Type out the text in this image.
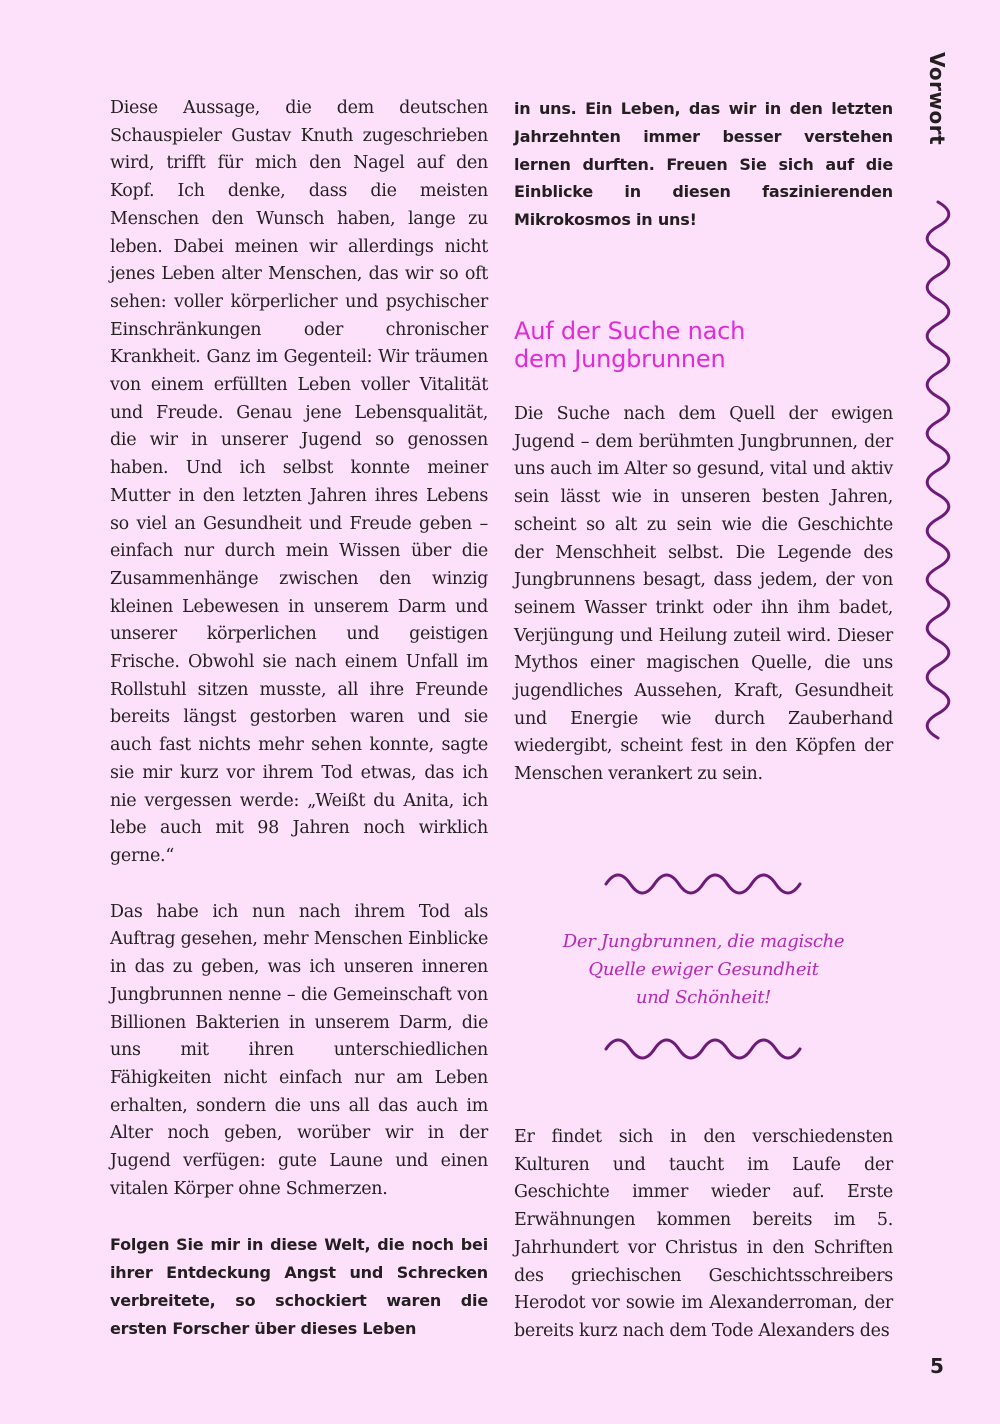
Vorwort

Diese Aussage, die dem deutschen Schauspieler Gustav Knuth zugeschrieben wird, trifft für mich den Nagel auf den Kopf. Ich denke, dass die meisten Menschen den Wunsch haben, lange zu leben. Dabei meinen wir allerdings nicht jenes Leben alter Menschen, das wir so oft sehen: voller körperlicher und psychischer Einschränkungen oder chronischer Krankheit. Ganz im Gegenteil: Wir träumen von einem erfüllten Leben voller Vitalität und Freude. Genau jene Lebensqualität, die wir in unserer Jugend so genossen haben. Und ich selbst konnte meiner Mutter in den letzten Jahren ihres Lebens so viel an Gesundheit und Freude geben – einfach nur durch mein Wissen über die Zusammenhänge zwischen den winzig kleinen Lebewesen in unserem Darm und unserer körperlichen und geistigen Frische. Obwohl sie nach einem Unfall im Rollstuhl sitzen musste, all ihre Freunde bereits längst gestorben waren und sie auch fast nichts mehr sehen konnte, sagte sie mir kurz vor ihrem Tod etwas, das ich nie vergessen werde: „Weißt du Anita, ich lebe auch mit 98 Jahren noch wirklich gerne.“

Das habe ich nun nach ihrem Tod als Auftrag gesehen, mehr Menschen Einblicke in das zu geben, was ich unseren inneren Jungbrunnen nenne – die Gemeinschaft von Billionen Bakterien in unserem Darm, die uns mit ihren unterschiedlichen Fähigkeiten nicht einfach nur am Leben erhalten, sondern die uns all das auch im Alter noch geben, worüber wir in der Jugend verfügen: gute Laune und einen vitalen Körper ohne Schmerzen.

Folgen Sie mir in diese Welt, die noch bei ihrer Entdeckung Angst und Schrecken verbreitete, so schockiert waren die ersten Forscher über dieses Leben

in uns. Ein Leben, das wir in den letzten Jahrzehnten immer besser verstehen lernen durften. Freuen Sie sich auf die Einblicke in diesen faszinierenden Mikrokosmos in uns!

Auf der Suche nach
dem Jungbrunnen

Die Suche nach dem Quell der ewigen Jugend – dem berühmten Jungbrunnen, der uns auch im Alter so gesund, vital und aktiv sein lässt wie in unseren besten Jahren, scheint so alt zu sein wie die Geschichte der Menschheit selbst. Die Legende des Jungbrunnens besagt, dass jedem, der von seinem Wasser trinkt oder ihn ihm badet, Verjüngung und Heilung zuteil wird. Dieser Mythos einer magischen Quelle, die uns jugendliches Aussehen, Kraft, Gesundheit und Energie wie durch Zauberhand wiedergibt, scheint fest in den Köpfen der Menschen verankert zu sein.

Der Jungbrunnen, die magische
Quelle ewiger Gesundheit
und Schönheit!

Er findet sich in den verschiedensten Kulturen und taucht im Laufe der Geschichte immer wieder auf. Erste Erwähnungen kommen bereits im 5. Jahrhundert vor Christus in den Schriften des griechischen Geschichtsschreibers Herodot vor sowie im Alexanderroman, der bereits kurz nach dem Tode Alexanders des

5
